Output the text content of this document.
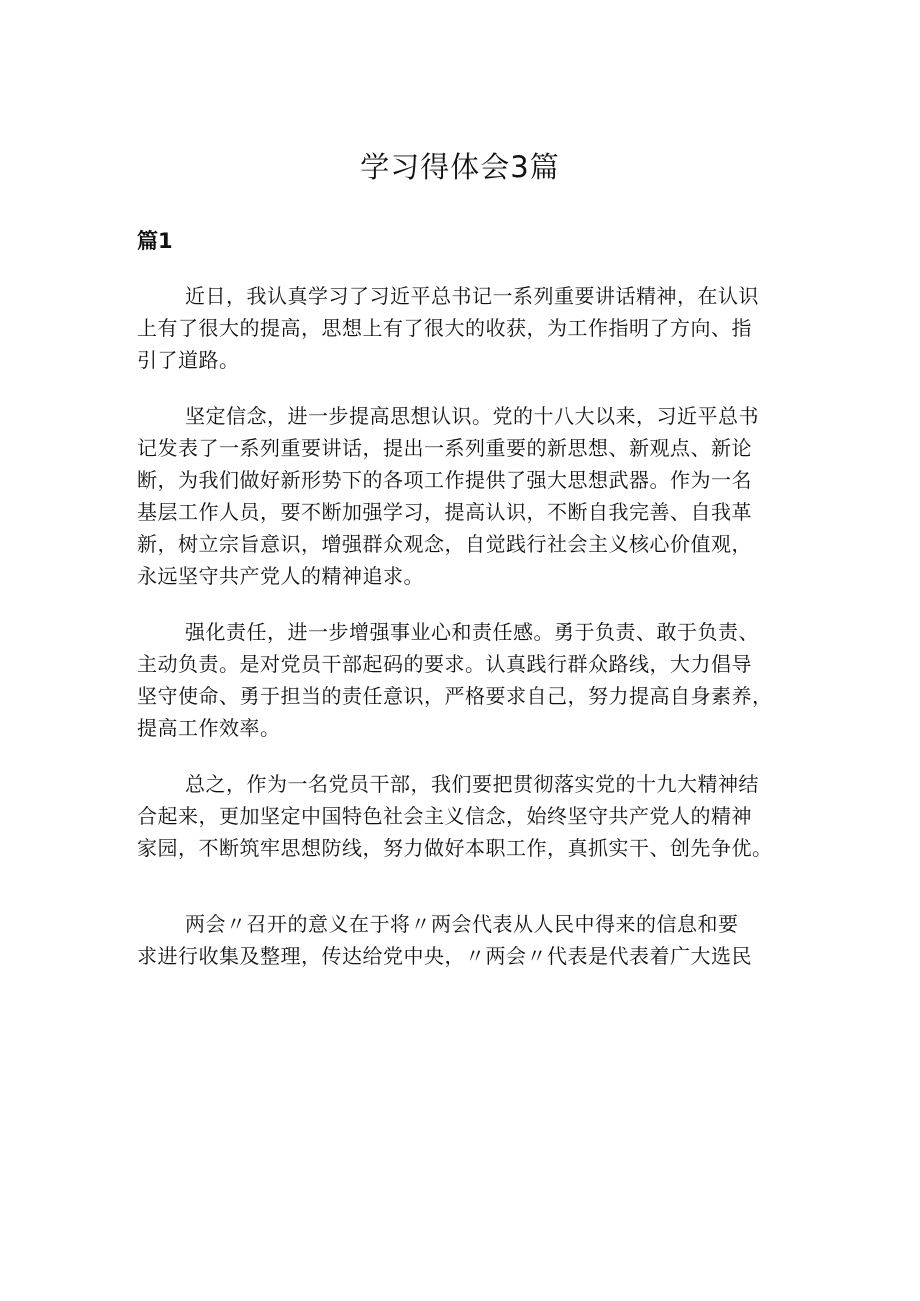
学习得体会3篇
篇1
近日，我认真学习了习近平总书记一系列重要讲话精神，在认识
上有了很大的提高，思想上有了很大的收获，为工作指明了方向、指
引了道路。
坚定信念，进一步提高思想认识。党的十八大以来，习近平总书
记发表了一系列重要讲话，提出一系列重要的新思想、新观点、新论
断，为我们做好新形势下的各项工作提供了强大思想武器。作为一名
基层工作人员，要不断加强学习，提高认识，不断自我完善、自我革
新，树立宗旨意识，增强群众观念，自觉践行社会主义核心价值观，
永远坚守共产党人的精神追求。
强化责任，进一步增强事业心和责任感。勇于负责、敢于负责、
主动负责。是对党员干部起码的要求。认真践行群众路线，大力倡导
坚守使命、勇于担当的责任意识，严格要求自己，努力提高自身素养，
提高工作效率。
总之，作为一名党员干部，我们要把贯彻落实党的十九大精神结
合起来，更加坚定中国特色社会主义信念，始终坚守共产党人的精神
家园，不断筑牢思想防线，努力做好本职工作，真抓实干、创先争优。
两会〃召开的意义在于将〃两会代表从人民中得来的信息和要
求进行收集及整理，传达给党中央，〃两会〃代表是代表着广大选民
